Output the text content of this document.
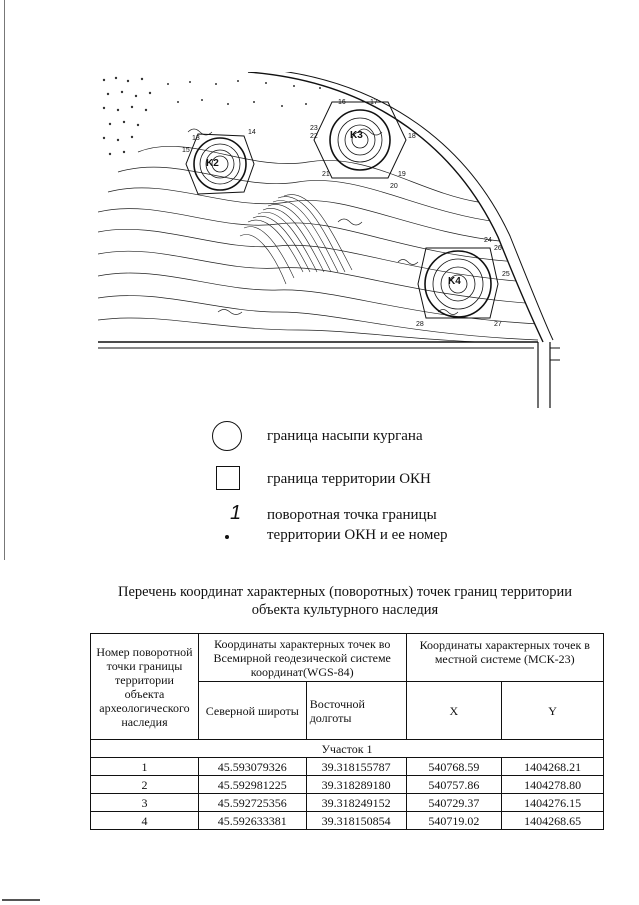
K2
K3
K4
13
14
15
16	17
18
19
20
21
22
23
24
25
26
27
28
граница насыпи кургана
граница территории ОКН
1 поворотная точка границы
территории ОКН и ее номер
Перечень координат характерных (поворотных) точек границ территории
объекта культурного наследия
Номер поворотной точки границы территории объекта археологического наследия	Координаты характерных точек во Всемирной геодезической системе координат(WGS-84)		Координаты характерных точек в местной системе (МСК-23)	
	Северной широты	Восточной долготы	X	Y
Участок 1				
1	45.593079326	39.318155787	540768.59	1404268.21
2	45.592981225	39.318289180	540757.86	1404278.80
3	45.592725356	39.318249152	540729.37	1404276.15
4	45.592633381	39.318150854	540719.02	1404268.65
